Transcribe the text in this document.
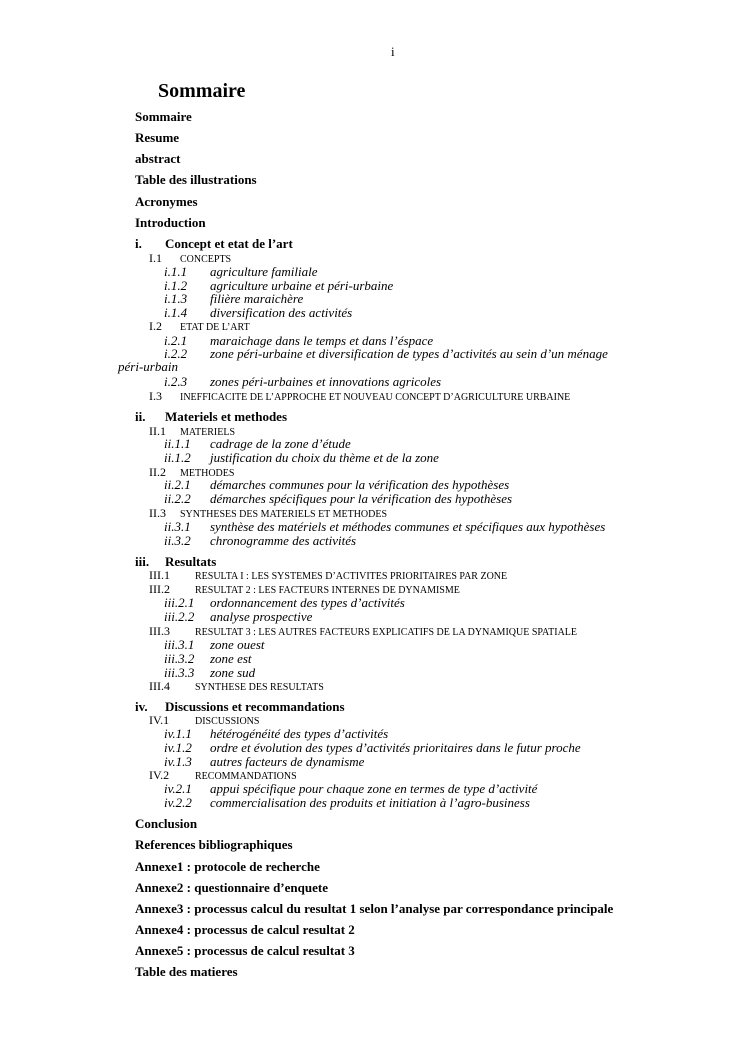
i
Sommaire
Sommaire
Resume
abstract
Table des illustrations
Acronymes
Introduction
i. Concept et etat de l’art
I.1 CONCEPTS
i.1.1 agriculture familiale
i.1.2 agriculture urbaine et péri-urbaine
i.1.3 filière maraichère
i.1.4 diversification des activités
I.2 ETAT DE L’ART
i.2.1 maraichage dans le temps et dans l’éspace
i.2.2 zone péri-urbaine et diversification de types d’activités au sein d’un ménage
péri-urbain
i.2.3 zones péri-urbaines et innovations agricoles
I.3 INEFFICACITE DE L’APPROCHE ET NOUVEAU CONCEPT D’AGRICULTURE URBAINE
ii. Materiels et methodes
II.1 MATERIELS
ii.1.1 cadrage de la zone d’étude
ii.1.2 justification du choix du thème et de la zone
II.2 METHODES
ii.2.1 démarches communes pour la vérification des hypothèses
ii.2.2 démarches spécifiques pour la vérification des hypothèses
II.3 SYNTHESES DES MATERIELS ET METHODES
ii.3.1 synthèse des matériels et méthodes communes et spécifiques aux hypothèses
ii.3.2 chronogramme des activités
iii. Resultats
III.1	RESULTA I : LES SYSTEMES D’ACTIVITES PRIORITAIRES PAR ZONE
III.2	RESULTAT 2 : LES FACTEURS INTERNES DE DYNAMISME
iii.2.1 ordonnancement des types d’activités
iii.2.2 analyse prospective
III.3	RESULTAT 3 : LES AUTRES FACTEURS EXPLICATIFS DE LA DYNAMIQUE SPATIALE
iii.3.1 zone ouest
iii.3.2 zone est
iii.3.3 zone sud
III.4	SYNTHESE DES RESULTATS
iv. Discussions et recommandations
IV.1	DISCUSSIONS
iv.1.1 hétérogénéité des types d’activités
iv.1.2 ordre et évolution des types d’activités prioritaires dans le futur proche
iv.1.3 autres facteurs de dynamisme
IV.2	RECOMMANDATIONS
iv.2.1 appui spécifique pour chaque zone en termes de type d’activité
iv.2.2 commercialisation des produits et initiation à l’agro-business
Conclusion
References bibliographiques
Annexe1 : protocole de recherche
Annexe2 : questionnaire d’enquete
Annexe3 : processus calcul du resultat 1 selon l’analyse par correspondance principale
Annexe4 : processus de calcul resultat 2
Annexe5 : processus de calcul resultat 3
Table des matieres
